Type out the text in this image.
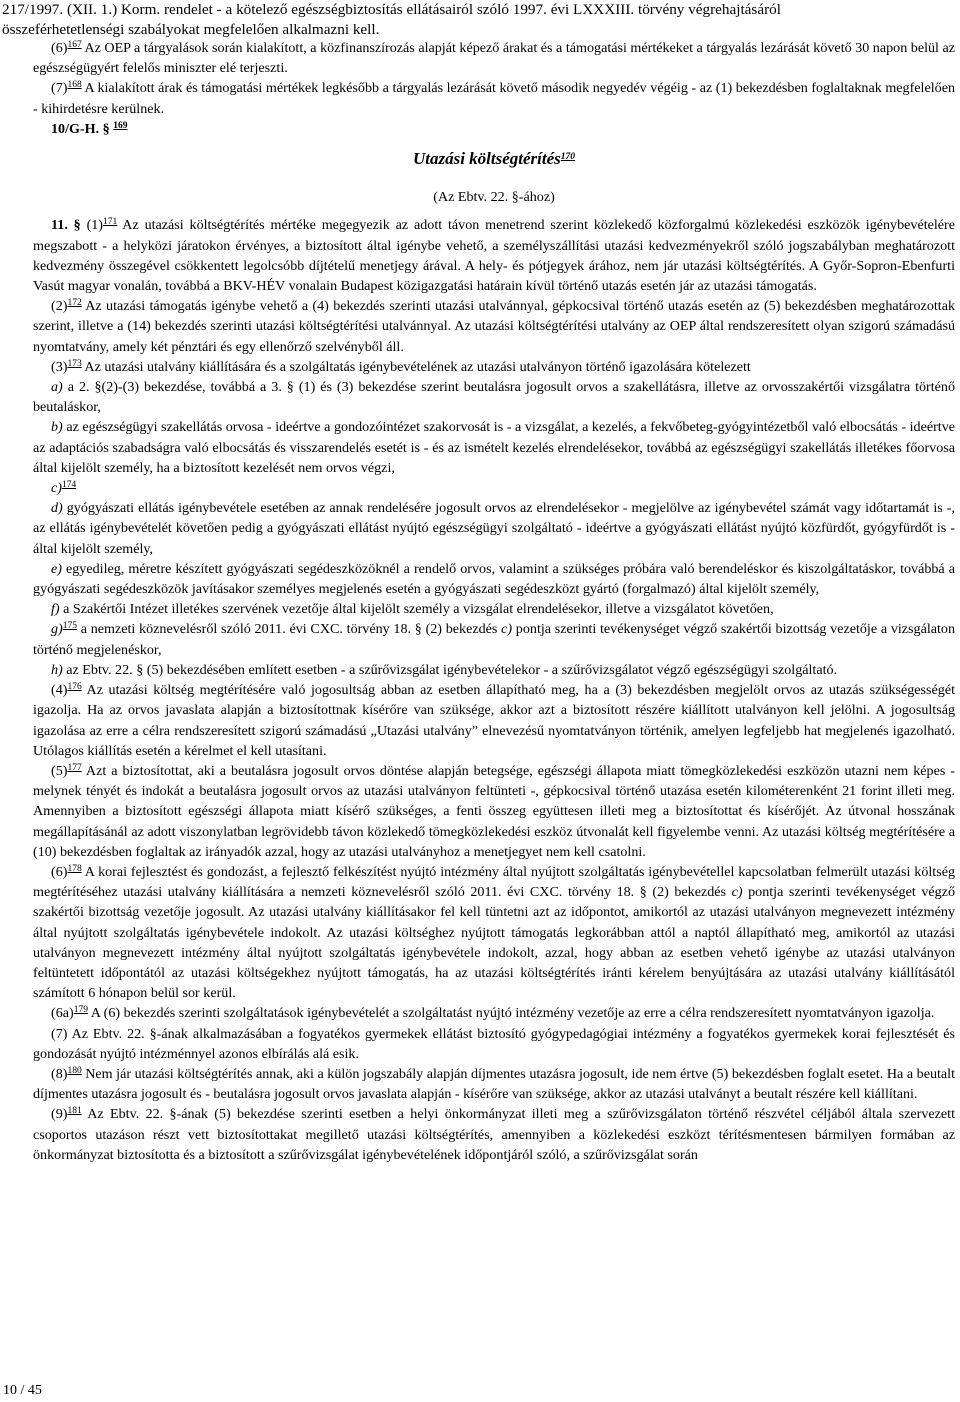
217/1997. (XII. 1.) Korm. rendelet - a kötelező egészségbiztosítás ellátásairól szóló 1997. évi LXXXIII. törvény végrehajtásáról
összeférhetetlenségi szabályokat megfelelően alkalmazni kell.

$(6)^{167}$ Az OEP a tárgyalások során kialakított, a közfinanszírozás alapját képező árakat és a támogatási mértékeket a tárgyalás lezárását követő 30 napon belül az egészségügyért felelős miniszter elé terjeszti.

$(7)^{168}$ A kialakított árak és támogatási mértékek legkésőbb a tárgyalás lezárását követő második negyedév végéig - az (1) bekezdésben foglaltaknak megfelelően - kihirdetésre kerülnek.

10/G-H. § $^{169}$

Utazási költségtérítés$^{170}$
(Az Ebtv. 22. §-ához)

11. § $(1)^{171}$ Az utazási költségtérítés mértéke megegyezik az adott távon menetrend szerint közlekedő közforgalmú közlekedési eszközök igénybevételére megszabott - a helyközi járatokon érvényes, a biztosított által igénybe vehető, a személyszállítási utazási kedvezményekről szóló jogszabályban meghatározott kedvezmény összegével csökkentett legolcsóbb díjtételű menetjegy árával. A hely- és pótjegyek árához, nem jár utazási költségtérítés. A Győr-Sopron-Ebenfurti Vasút magyar vonalán, továbbá a BKV-HÉV vonalain Budapest közigazgatási határain kívül történő utazás esetén jár az utazási támogatás.

$(2)^{172}$ Az utazási támogatás igénybe vehető a (4) bekezdés szerinti utazási utalvánnyal, gépkocsival történő utazás esetén az (5) bekezdésben meghatározottak szerint, illetve a (14) bekezdés szerinti utazási költségtérítési utalvánnyal. Az utazási költségtérítési utalvány az OEP által rendszeresített olyan szigorú számadású nyomtatvány, amely két pénztári és egy ellenőrző szelvényből áll.

$(3)^{173}$ Az utazási utalvány kiállítására és a szolgáltatás igénybevételének az utazási utalványon történő igazolására kötelezett

a) a 2. §(2)-(3) bekezdése, továbbá a 3. § (1) és (3) bekezdése szerint beutalásra jogosult orvos a szakellátásra, illetve az orvosszakértői vizsgálatra történő beutaláskor,

b) az egészségügyi szakellátás orvosa - ideértve a gondozóintézet szakorvosát is - a vizsgálat, a kezelés, a fekvőbeteg-gyógyintézetből való elbocsátás - ideértve az adaptációs szabadságra való elbocsátás és visszarendelés esetét is - és az ismételt kezelés elrendelésekor, továbbá az egészségügyi szakellátás illetékes főorvosa által kijelölt személy, ha a biztosított kezelését nem orvos végzi,

c)$^{174}$

d) gyógyászati ellátás igénybevétele esetében az annak rendelésére jogosult orvos az elrendelésekor - megjelölve az igénybevétel számát vagy időtartamát is -, az ellátás igénybevételét követően pedig a gyógyászati ellátást nyújtó egészségügyi szolgáltató - ideértve a gyógyászati ellátást nyújtó közfürdőt, gyógyfürdőt is - által kijelölt személy,

e) egyedileg, méretre készített gyógyászati segédeszközöknél a rendelő orvos, valamint a szükséges próbára való berendeléskor és kiszolgáltatáskor, továbbá a gyógyászati segédeszközök javításakor személyes megjelenés esetén a gyógyászati segédeszközt gyártó (forgalmazó) által kijelölt személy,

f) a Szakértői Intézet illetékes szervének vezetője által kijelölt személy a vizsgálat elrendelésekor, illetve a vizsgálatot követően,

g)$^{175}$ a nemzeti köznevelésről szóló 2011. évi CXC. törvény 18. § (2) bekezdés c) pontja szerinti tevékenységet végző szakértői bizottság vezetője a vizsgálaton történő megjelenéskor,

h) az Ebtv. 22. § (5) bekezdésében említett esetben - a szűrővizsgálat igénybevételekor - a szűrővizsgálatot végző egészségügyi szolgáltató.

$(4)^{176}$ Az utazási költség megtérítésére való jogosultság abban az esetben állapítható meg, ha a (3) bekezdésben megjelölt orvos az utazás szükségességét igazolja. Ha az orvos javaslata alapján a biztosítottnak kísérőre van szüksége, akkor azt a biztosított részére kiállított utalványon kell jelölni. A jogosultság igazolása az erre a célra rendszeresített szigorú számadású „Utazási utalvány” elnevezésű nyomtatványon történik, amelyen legfeljebb hat megjelenés igazolható. Utólagos kiállítás esetén a kérelmet el kell utasítani.

$(5)^{177}$ Azt a biztosítottat, aki a beutalásra jogosult orvos döntése alapján betegsége, egészségi állapota miatt tömegközlekedési eszközön utazni nem képes - melynek tényét és indokát a beutalásra jogosult orvos az utazási utalványon feltünteti -, gépkocsival történő utazása esetén kilométerenként 21 forint illeti meg. Amennyiben a biztosított egészségi állapota miatt kísérő szükséges, a fenti összeg együttesen illeti meg a biztosítottat és kísérőjét. Az útvonal hosszának megállapításánál az adott viszonylatban legrövidebb távon közlekedő tömegközlekedési eszköz útvonalát kell figyelembe venni. Az utazási költség megtérítésére a (10) bekezdésben foglaltak az irányadók azzal, hogy az utazási utalványhoz a menetjegyet nem kell csatolni.

$(6)^{178}$ A korai fejlesztést és gondozást, a fejlesztő felkészítést nyújtó intézmény által nyújtott szolgáltatás igénybevétellel kapcsolatban felmerült utazási költség megtérítéséhez utazási utalvány kiállítására a nemzeti köznevelésről szóló 2011. évi CXC. törvény 18. § (2) bekezdés c) pontja szerinti tevékenységet végző szakértői bizottság vezetője jogosult. Az utazási utalvány kiállításakor fel kell tüntetni azt az időpontot, amikortól az utazási utalványon megnevezett intézmény által nyújtott szolgáltatás igénybevétele indokolt. Az utazási költséghez nyújtott támogatás legkorábban attól a naptól állapítható meg, amikortól az utazási utalványon megnevezett intézmény által nyújtott szolgáltatás igénybevétele indokolt, azzal, hogy abban az esetben vehető igénybe az utazási utalványon feltüntetett időpontától az utazási költségekhez nyújtott támogatás, ha az utazási költségtérítés iránti kérelem benyújtására az utazási utalvány kiállításától számított 6 hónapon belül sor kerül.

$(6a)^{179}$ A (6) bekezdés szerinti szolgáltatások igénybevételét a szolgáltatást nyújtó intézmény vezetője az erre a célra rendszeresített nyomtatványon igazolja.

(7) Az Ebtv. 22. §-ának alkalmazásában a fogyatékos gyermekek ellátást biztosító gyógypedagógiai intézmény a fogyatékos gyermekek korai fejlesztését és gondozását nyújtó intézménnyel azonos elbírálás alá esik.

$(8)^{180}$ Nem jár utazási költségtérítés annak, aki a külön jogszabály alapján díjmentes utazásra jogosult, ide nem értve (5) bekezdésben foglalt esetet. Ha a beutalt díjmentes utazásra jogosult és - beutalásra jogosult orvos javaslata alapján - kísérőre van szüksége, akkor az utazási utalványt a beutalt részére kell kiállítani.

$(9)^{181}$ Az Ebtv. 22. §-ának (5) bekezdése szerinti esetben a helyi önkormányzat illeti meg a szűrővizsgálaton történő részvétel céljából általa szervezett csoportos utazáson részt vett biztosítottakat megillető utazási költségtérítés, amennyiben a közlekedési eszközt térítésmentesen bármilyen formában az önkormányzat biztosította és a biztosított a szűrővizsgálat igénybevételének időpontjáról szóló, a szűrővizsgálat során

10 / 45
